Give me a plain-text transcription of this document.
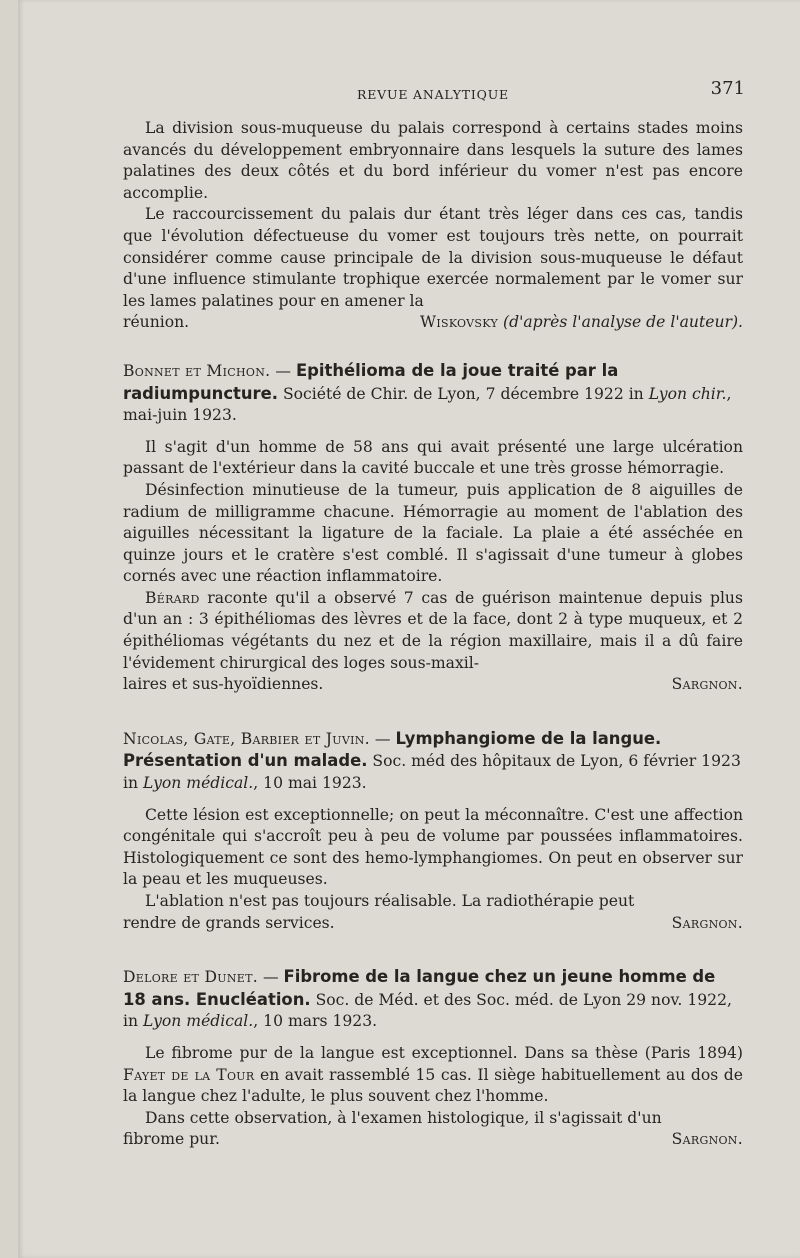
REVUE ANALYTIQUE	371

La division sous-muqueuse du palais correspond à certains stades moins avancés du développement embryonnaire dans lesquels la suture des lames palatines des deux côtés et du bord inférieur du vomer n'est pas encore accomplie.

Le raccourcissement du palais dur étant très léger dans ces cas, tandis que l'évolution défectueuse du vomer est toujours très nette, on pourrait considérer comme cause principale de la division sous-muqueuse le défaut d'une influence stimulante trophique exercée normalement par le vomer sur les lames palatines pour en amener la

réunion.	Wiskovsky (d'après l'analyse de l'auteur).

Bonnet et Michon. — Epithélioma de la joue traité par la radiumpuncture. Société de Chir. de Lyon, 7 décembre 1922 in Lyon chir., mai-juin 1923.

Il s'agit d'un homme de 58 ans qui avait présenté une large ulcération passant de l'extérieur dans la cavité buccale et une très grosse hémorragie.

Désinfection minutieuse de la tumeur, puis application de 8 aiguilles de radium de milligramme chacune. Hémorragie au moment de l'ablation des aiguilles nécessitant la ligature de la faciale. La plaie a été asséchée en quinze jours et le cratère s'est comblé. Il s'agissait d'une tumeur à globes cornés avec une réaction inflammatoire.

Bérard raconte qu'il a observé 7 cas de guérison maintenue depuis plus d'un an : 3 épithéliomas des lèvres et de la face, dont 2 à type muqueux, et 2 épithéliomas végétants du nez et de la région maxillaire, mais il a dû faire l'évidement chirurgical des loges sous-maxil-

laires et sus-hyoïdiennes.	Sargnon.

Nicolas, Gate, Barbier et Juvin. — Lymphangiome de la langue. Présentation d'un malade. Soc. méd des hôpitaux de Lyon, 6 février 1923 in Lyon médical., 10 mai 1923.

Cette lésion est exceptionnelle; on peut la méconnaître. C'est une affection congénitale qui s'accroît peu à peu de volume par poussées inflammatoires. Histologiquement ce sont des hemo-lymphangiomes. On peut en observer sur la peau et les muqueuses.

L'ablation n'est pas toujours réalisable. La radiothérapie peut

rendre de grands services.	Sargnon.

Delore et Dunet. — Fibrome de la langue chez un jeune homme de 18 ans. Enucléation. Soc. de Méd. et des Soc. méd. de Lyon 29 nov. 1922, in Lyon médical., 10 mars 1923.

Le fibrome pur de la langue est exceptionnel. Dans sa thèse (Paris 1894) Fayet de la Tour en avait rassemblé 15 cas. Il siège habituellement au dos de la langue chez l'adulte, le plus souvent chez l'homme.

Dans cette observation, à l'examen histologique, il s'agissait d'un

fibrome pur.	Sargnon.
